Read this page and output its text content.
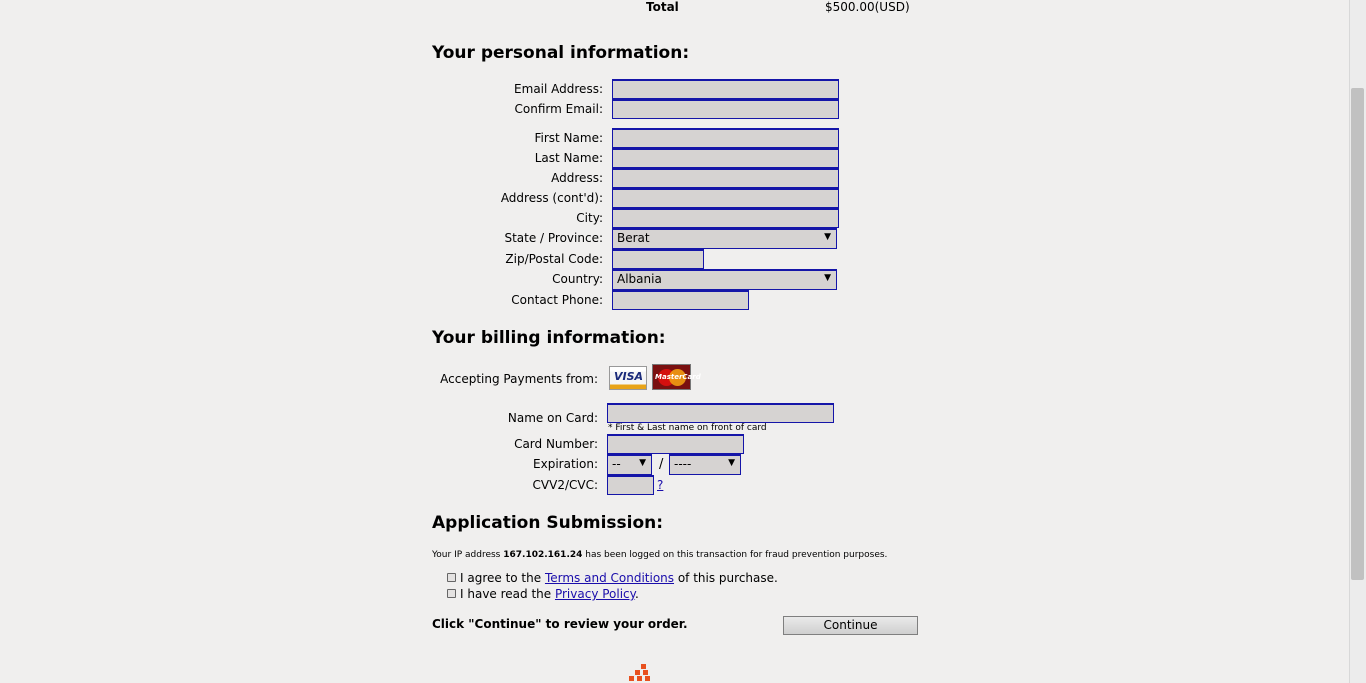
Total	$500.00(USD)
Your personal information:
Email Address:
Confirm Email:
First Name:
Last Name:
Address:
Address (cont'd):
City:
State / Province:	Berat	▼
Zip/Postal Code:
Country:	Albania	▼
Contact Phone:
Your billing information:
Accepting Payments from: VISA MasterCard
Name on Card:
* First & Last name on front of card
Card Number:
Expiration:	-- ▼ / ----	▼
CVV2/CVC:	?
Application Submission:
Your IP address 167.102.161.24 has been logged on this transaction for fraud prevention purposes.
I agree to the Terms and Conditions of this purchase.
I have read the Privacy Policy.
Click "Continue" to review your order.	Continue
